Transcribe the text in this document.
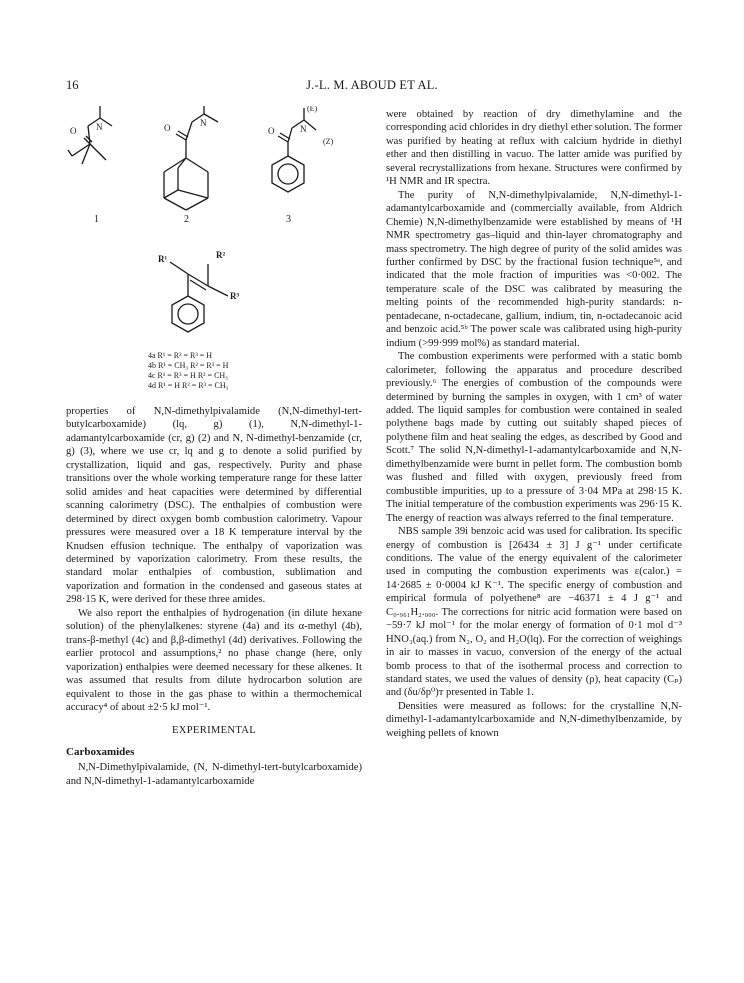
16	J.-L. M. ABOUD ET AL.
O N	O	N
O	N
(E)
(Z)
1	2	3
R²
R¹
R³
4a R¹ = R² = R³ = H
4b R¹ = CH₃ R² = R³ = H
4c R¹ = R³ = H R² = CH₃
4d R¹ = H R² = R³ = CH₃

properties of N,N-dimethylpivalamide (N,N-dimethyl-tert-butylcarboxamide) (lq, g) (1), N,N-dimethyl-1-adamantylcarboxamide (cr, g) (2) and N, N-dimethyl-benzamide (cr, g) (3), where we use cr, lq and g to denote a solid purified by crystallization, liquid and gas, respectively. Purity and phase transitions over the whole working temperature range for these latter solid amides and heat capacities were determined by differential scanning calorimetry (DSC). The enthalpies of combustion were determined by direct oxygen bomb combustion calorimetry. Vapour pressures were measured over a 18 K temperature interval by the Knudsen effusion technique. The enthalpy of vaporization was determined by vaporization calorimetry. From these results, the standard molar enthalpies of combustion, sublimation and vaporization and formation in the condensed and gaseous states at 298·15 K, were derived for these three amides.

We also report the enthalpies of hydrogenation (in dilute hexane solution) of the phenylalkenes: styrene (4a) and its α-methyl (4b), trans-β-methyl (4c) and β,β-dimethyl (4d) derivatives. Following the earlier protocol and assumptions,² no phase change (here, only vaporization) enthalpies were deemed necessary for these alkenes. It was assumed that results from dilute hydrocarbon solution are equivalent to those in the gas phase to within a thermochemical accuracy⁴ of about ±2·5 kJ mol⁻¹.

EXPERIMENTAL

Carboxamides

N,N-Dimethylpivalamide, (N, N-dimethyl-tert-butylcarboxamide) and N,N-dimethyl-1-adamantylcarboxamide

were obtained by reaction of dry dimethylamine and the corresponding acid chlorides in dry diethyl ether solution. The former was purified by heating at reflux with calcium hydride in diethyl ether and then distilling in vacuo. The latter amide was purified by several recrystallizations from hexane. Structures were confirmed by ¹H NMR and IR spectra.

The purity of N,N-dimethylpivalamide, N,N-dimethyl-1-adamantylcarboxamide and (commercially available, from Aldrich Chemie) N,N-dimethylbenzamide were established by means of ¹H NMR spectrometry gas–liquid and thin-layer chromatography and mass spectrometry. The high degree of purity of the solid amides was further confirmed by DSC by the fractional fusion technique⁵ᵃ, and indicated that the mole fraction of impurities was <0·002. The temperature scale of the DSC was calibrated by measuring the melting points of the recommended high-purity standards: n-pentadecane, n-octadecane, gallium, indium, tin, n-octadecanoic acid and benzoic acid.⁵ᵇ The power scale was calibrated using high-purity indium (>99·999 mol%) as standard material.

The combustion experiments were performed with a static bomb calorimeter, following the apparatus and procedure described previously.⁶ The energies of combustion of the compounds were determined by burning the samples in oxygen, with 1 cm³ of water added. The liquid samples for combustion were contained in sealed polythene bags made by cutting out suitably shaped pieces of polythene film and heat sealing the edges, as described by Good and Scott.⁷ The solid N,N-dimethyl-1-adamantylcarboxamide and N,N-dimethylbenzamide were burnt in pellet form. The combustion bomb was flushed and filled with oxygen, previously freed from combustible impurities, up to a pressure of 3·04 MPa at 298·15 K. The initial temperature of the combustion experiments was 296·15 K. The energy of reaction was always referred to the final temperature.

NBS sample 39i benzoic acid was used for calibration. Its specific energy of combustion is [26434 ± 3] J g⁻¹ under certificate conditions. The value of the energy equivalent of the calorimeter used in computing the combustion experiments was ε(calor.) = 14·2685 ± 0·0004 kJ K⁻¹. The specific energy of combustion and empirical formula of polyethene⁸ are −46371 ± 4 J g⁻¹ and C₀.₉₆₁H₂.₀₀₀. The corrections for nitric acid formation were based on −59·7 kJ mol⁻¹ for the molar energy of formation of 0·1 mol d⁻³ HNO₃(aq.) from N₂, O₂ and H₂O(lq). For the correction of weighings in air to masses in vacuo, conversion of the energy of the actual bomb process to that of the isothermal process and correction to standard states, we used the values of density (ρ), heat capacity (Cₚ) and (δu/δp⁰)ᴛ presented in Table 1.

Densities were measured as follows: for the crystalline N,N-dimethyl-1-adamantylcarboxamide and N,N-dimethylbenzamide, by weighing pellets of known
